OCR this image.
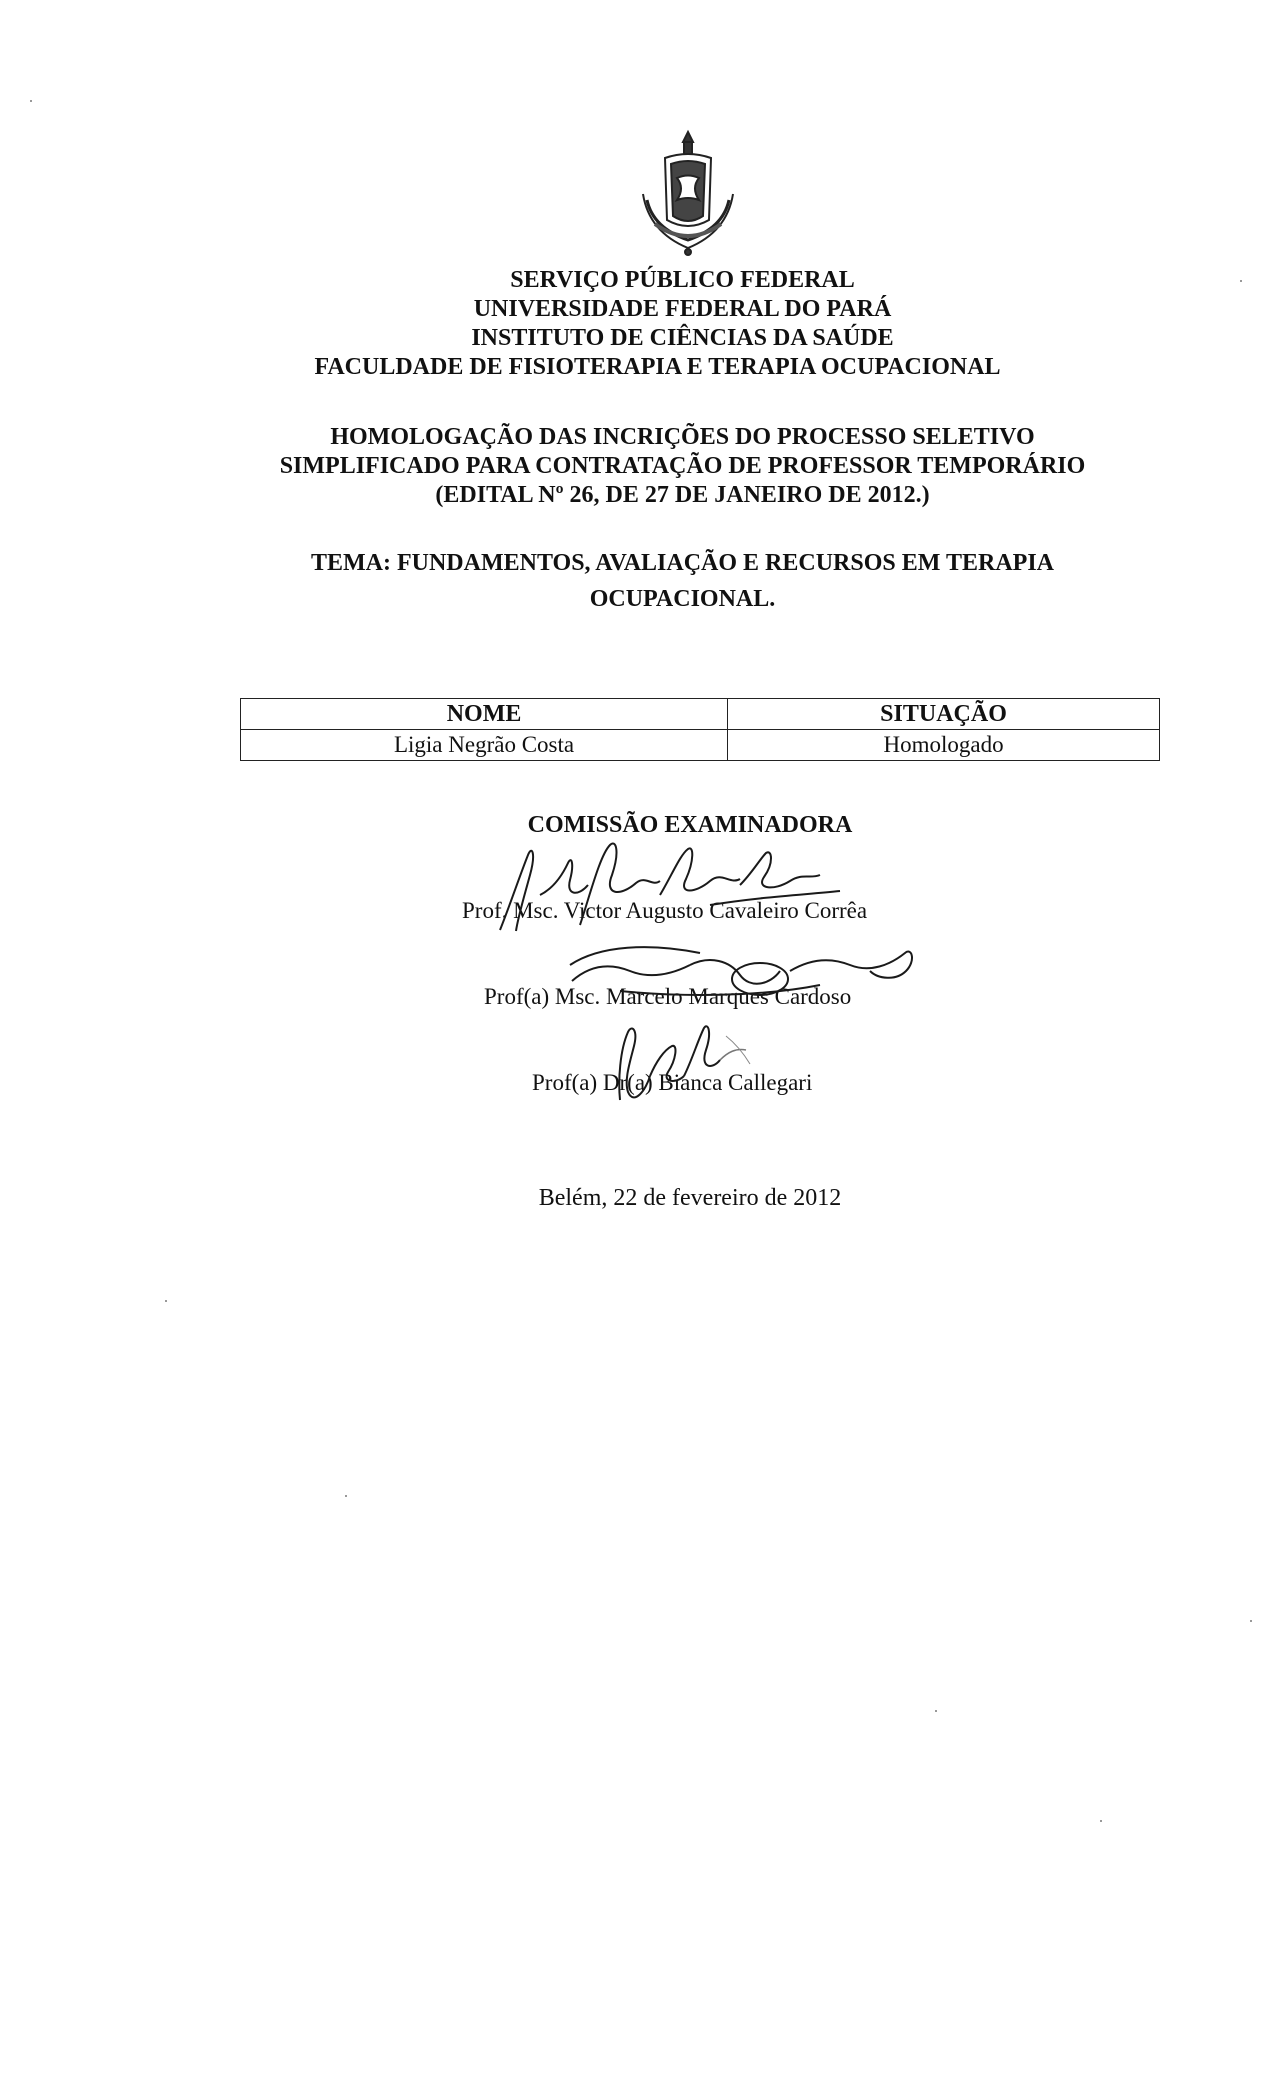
SERVIÇO PÚBLICO FEDERAL
UNIVERSIDADE FEDERAL DO PARÁ
INSTITUTO DE CIÊNCIAS DA SAÚDE
FACULDADE DE FISIOTERAPIA E TERAPIA OCUPACIONAL
HOMOLOGAÇÃO DAS INCRIÇÕES DO PROCESSO SELETIVO
SIMPLIFICADO PARA CONTRATAÇÃO DE PROFESSOR TEMPORÁRIO
(EDITAL Nº 26, DE 27 DE JANEIRO DE 2012.)
TEMA: FUNDAMENTOS, AVALIAÇÃO E RECURSOS EM TERAPIA
OCUPACIONAL.
NOME	SITUAÇÃO
Ligia Negrão Costa	Homologado
COMISSÃO EXAMINADORA
Prof. Msc. Victor Augusto Cavaleiro Corrêa
Prof(a) Msc. Marcelo Marques Cardoso
Prof(a) Dr(a) Bianca Callegari
Belém, 22 de fevereiro de 2012
